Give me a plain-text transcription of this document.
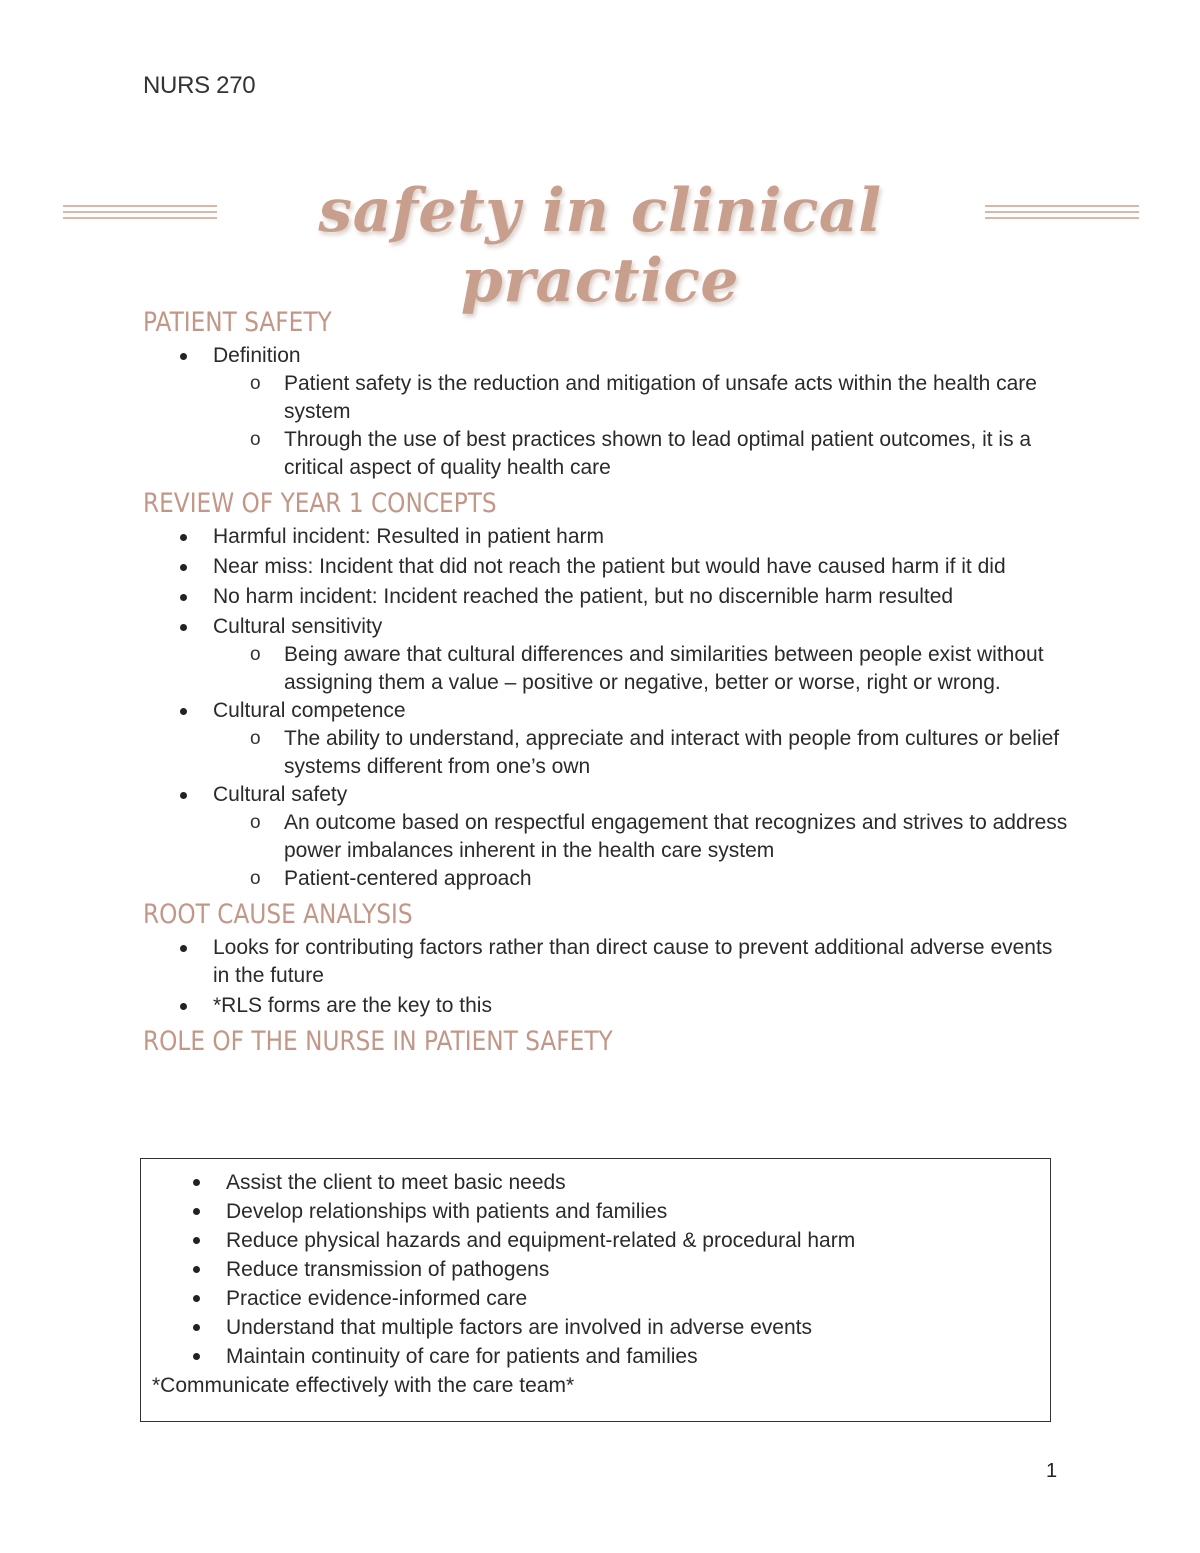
NURS 270
safety in clinical practice
PATIENT SAFETY
Definition
o Patient safety is the reduction and mitigation of unsafe acts within the health care system
o Through the use of best practices shown to lead optimal patient outcomes, it is a critical aspect of quality health care
REVIEW OF YEAR 1 CONCEPTS
Harmful incident: Resulted in patient harm
Near miss: Incident that did not reach the patient but would have caused harm if it did
No harm incident: Incident reached the patient, but no discernible harm resulted
Cultural sensitivity
o Being aware that cultural differences and similarities between people exist without assigning them a value – positive or negative, better or worse, right or wrong.
Cultural competence
o The ability to understand, appreciate and interact with people from cultures or belief systems different from one’s own
Cultural safety
o An outcome based on respectful engagement that recognizes and strives to address power imbalances inherent in the health care system
o Patient-centered approach
ROOT CAUSE ANALYSIS
Looks for contributing factors rather than direct cause to prevent additional adverse events in the future
*RLS forms are the key to this
ROLE OF THE NURSE IN PATIENT SAFETY
Assist the client to meet basic needs
Develop relationships with patients and families
Reduce physical hazards and equipment-related & procedural harm
Reduce transmission of pathogens
Practice evidence-informed care
Understand that multiple factors are involved in adverse events
Maintain continuity of care for patients and families
*Communicate effectively with the care team*
1
